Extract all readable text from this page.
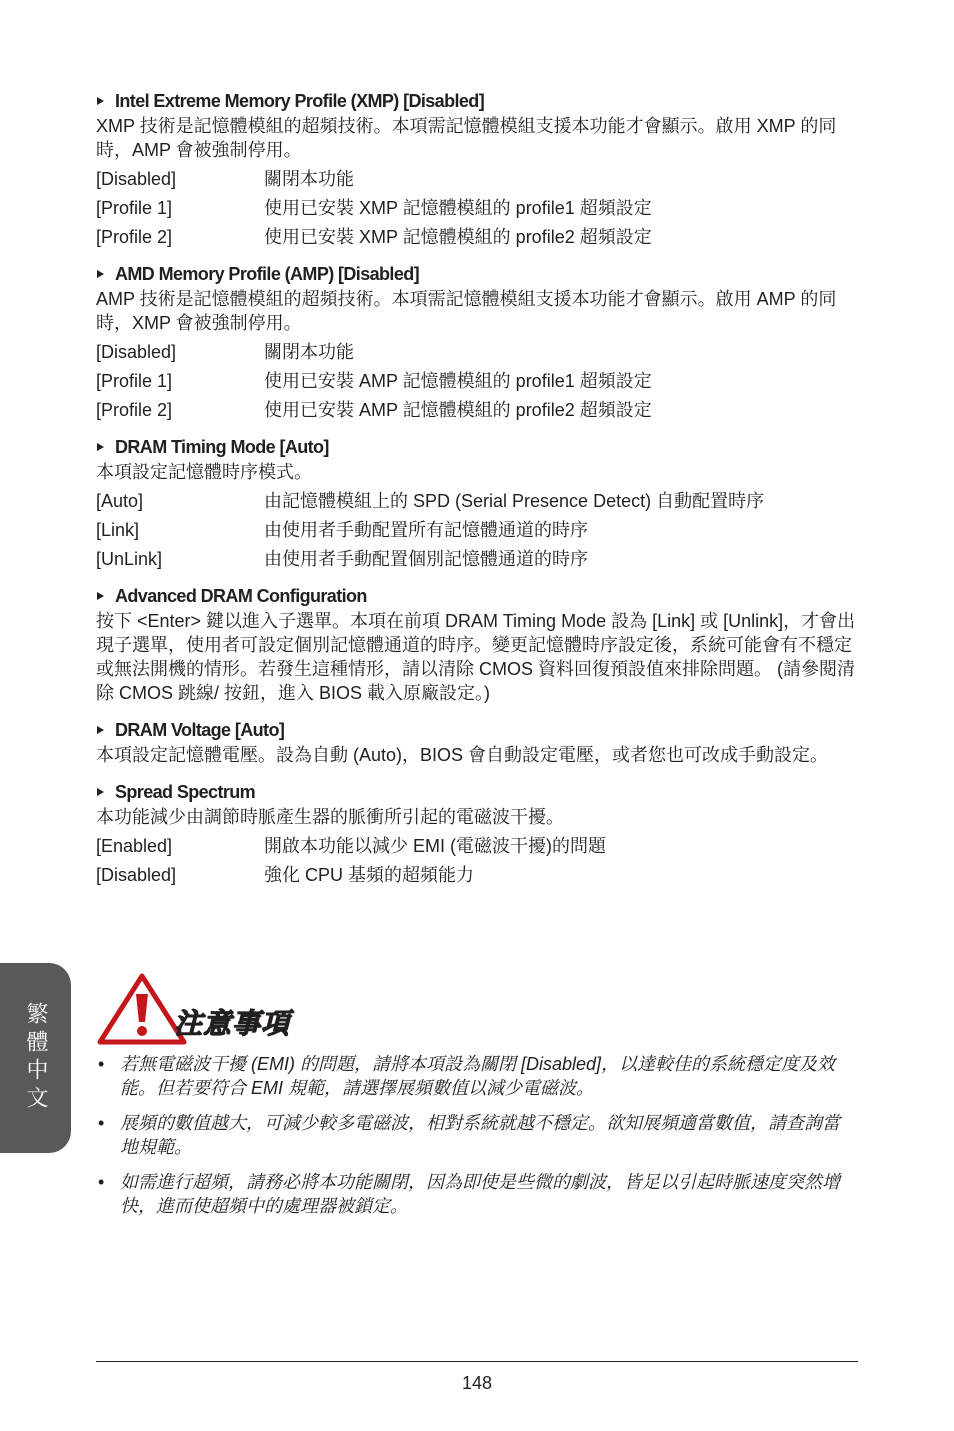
Intel Extreme Memory Profile (XMP) [Disabled]
XMP 技術是記憶體模組的超頻技術。本項需記憶體模組支援本功能才會顯示。啟用 XMP 的同時，AMP 會被強制停用。
[Disabled]	關閉本功能
[Profile 1]	使用已安裝 XMP 記憶體模組的 profile1 超頻設定
[Profile 2]	使用已安裝 XMP 記憶體模組的 profile2 超頻設定
AMD Memory Profile (AMP) [Disabled]
AMP 技術是記憶體模組的超頻技術。本項需記憶體模組支援本功能才會顯示。啟用 AMP 的同時，XMP 會被強制停用。
[Disabled]	關閉本功能
[Profile 1]	使用已安裝 AMP 記憶體模組的 profile1 超頻設定
[Profile 2]	使用已安裝 AMP 記憶體模組的 profile2 超頻設定
DRAM Timing Mode [Auto]
本項設定記憶體時序模式。
[Auto]	由記憶體模組上的 SPD (Serial Presence Detect) 自動配置時序
[Link]	由使用者手動配置所有記憶體通道的時序
[UnLink]	由使用者手動配置個別記憶體通道的時序
Advanced DRAM Configuration
按下 <Enter> 鍵以進入子選單。本項在前項 DRAM Timing Mode 設為 [Link] 或 [Unlink]，才會出現子選單，使用者可設定個別記憶體通道的時序。變更記憶體時序設定後，系統可能會有不穩定或無法開機的情形。若發生這種情形，請以清除 CMOS 資料回復預設值來排除問題。 (請參閱清除 CMOS 跳線/ 按鈕，進入 BIOS 載入原廠設定。)
DRAM Voltage [Auto]
本項設定記憶體電壓。設為自動 (Auto)，BIOS 會自動設定電壓，或者您也可改成手動設定。
Spread Spectrum
本功能減少由調節時脈產生器的脈衝所引起的電磁波干擾。
[Enabled]	開啟本功能以減少 EMI (電磁波干擾)的問題
[Disabled]	強化 CPU 基頻的超頻能力
繁體中文	注意事項
• 若無電磁波干擾 (EMI) 的問題，請將本項設為關閉 [Disabled]，以達較佳的系統穩定度及效能。但若要符合 EMI 規範，請選擇展頻數值以減少電磁波。
• 展頻的數值越大，可減少較多電磁波，相對系統就越不穩定。欲知展頻適當數值，請查詢當地規範。
• 如需進行超頻，請務必將本功能關閉，因為即使是些微的劇波，皆足以引起時脈速度突然增快，進而使超頻中的處理器被鎖定。
148
